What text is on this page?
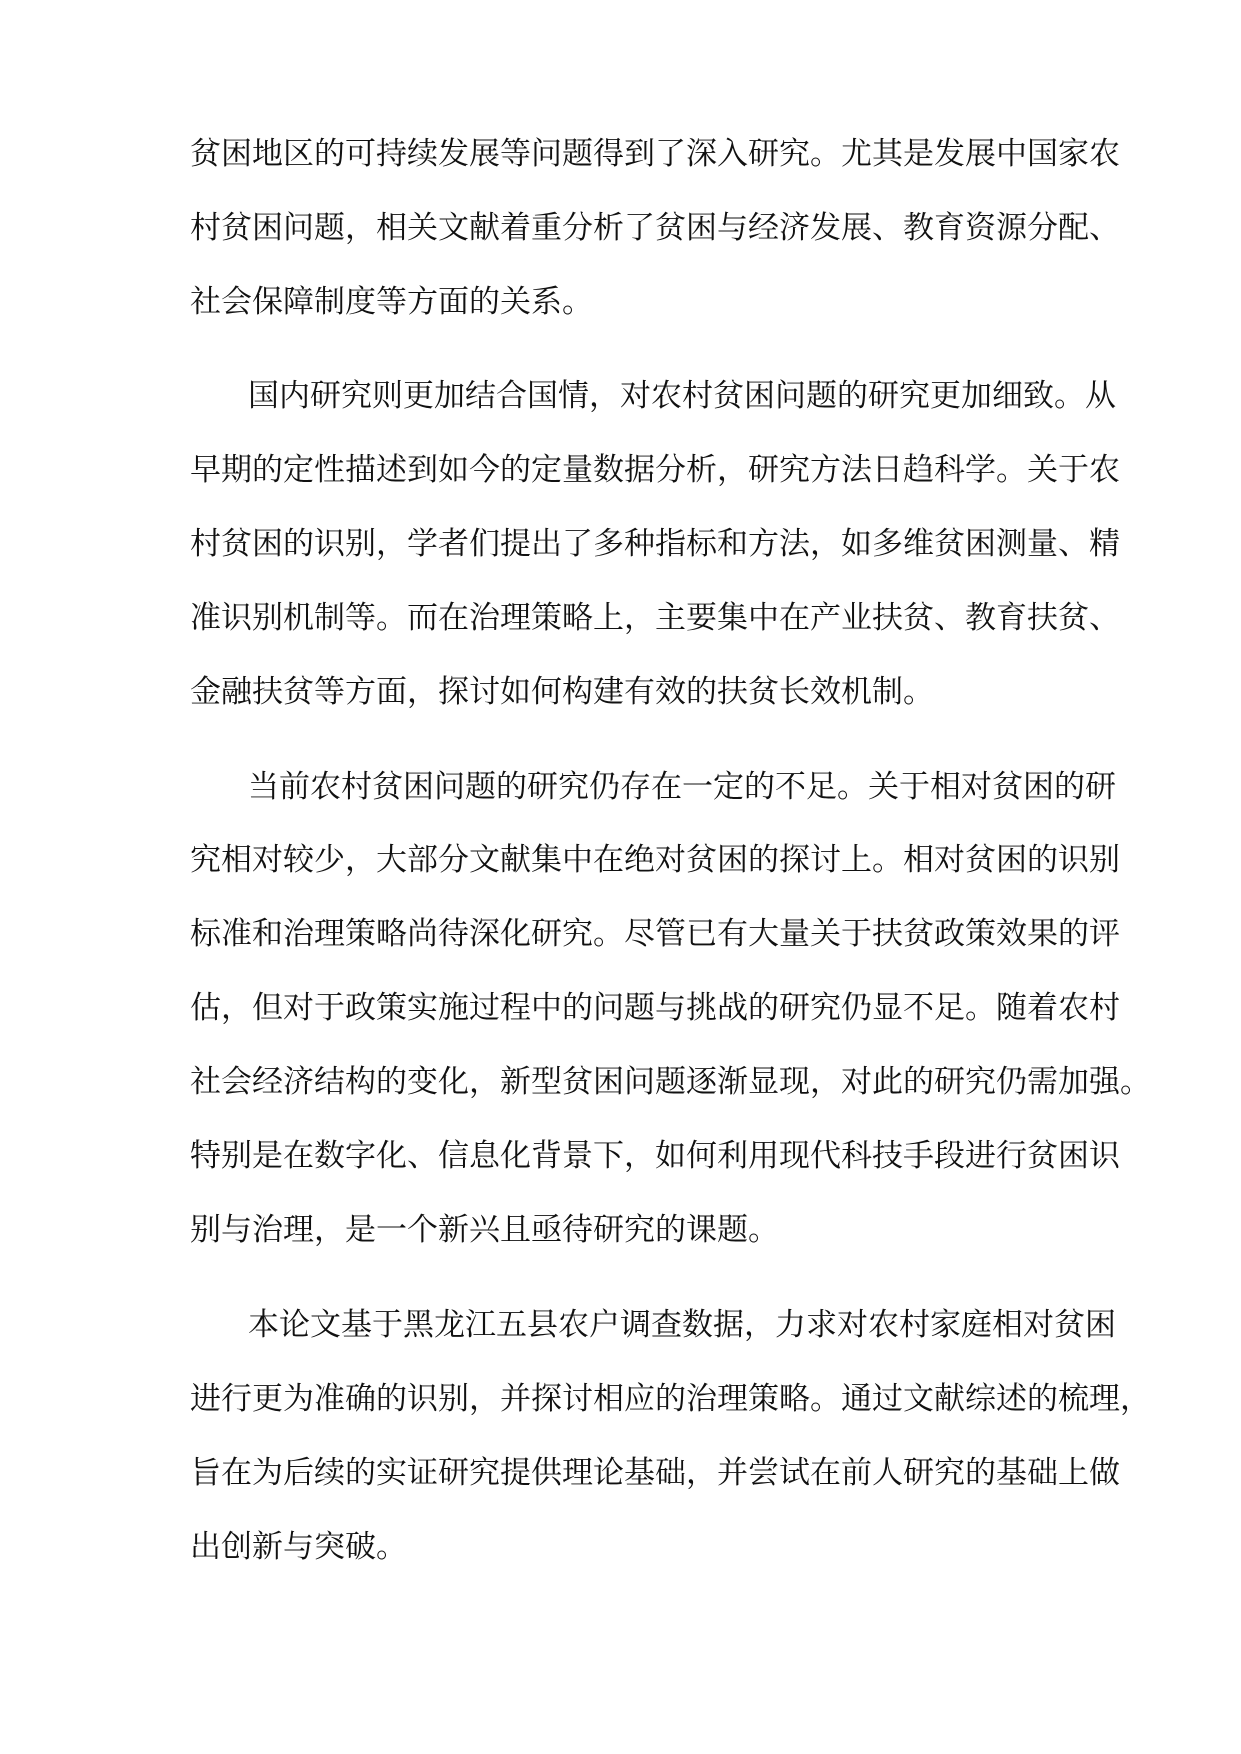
贫困地区的可持续发展等问题得到了深入研究。尤其是发展中国家农

村贫困问题，相关文献着重分析了贫困与经济发展、教育资源分配、

社会保障制度等方面的关系。

国内研究则更加结合国情，对农村贫困问题的研究更加细致。从

早期的定性描述到如今的定量数据分析，研究方法日趋科学。关于农

村贫困的识别，学者们提出了多种指标和方法，如多维贫困测量、精

准识别机制等。而在治理策略上，主要集中在产业扶贫、教育扶贫、

金融扶贫等方面，探讨如何构建有效的扶贫长效机制。

当前农村贫困问题的研究仍存在一定的不足。关于相对贫困的研

究相对较少，大部分文献集中在绝对贫困的探讨上。相对贫困的识别

标准和治理策略尚待深化研究。尽管已有大量关于扶贫政策效果的评

估，但对于政策实施过程中的问题与挑战的研究仍显不足。随着农村

社会经济结构的变化，新型贫困问题逐渐显现，对此的研究仍需加强。

特别是在数字化、信息化背景下，如何利用现代科技手段进行贫困识

别与治理，是一个新兴且亟待研究的课题。

本论文基于黑龙江五县农户调查数据，力求对农村家庭相对贫困

进行更为准确的识别，并探讨相应的治理策略。通过文献综述的梳理，

旨在为后续的实证研究提供理论基础，并尝试在前人研究的基础上做

出创新与突破。
